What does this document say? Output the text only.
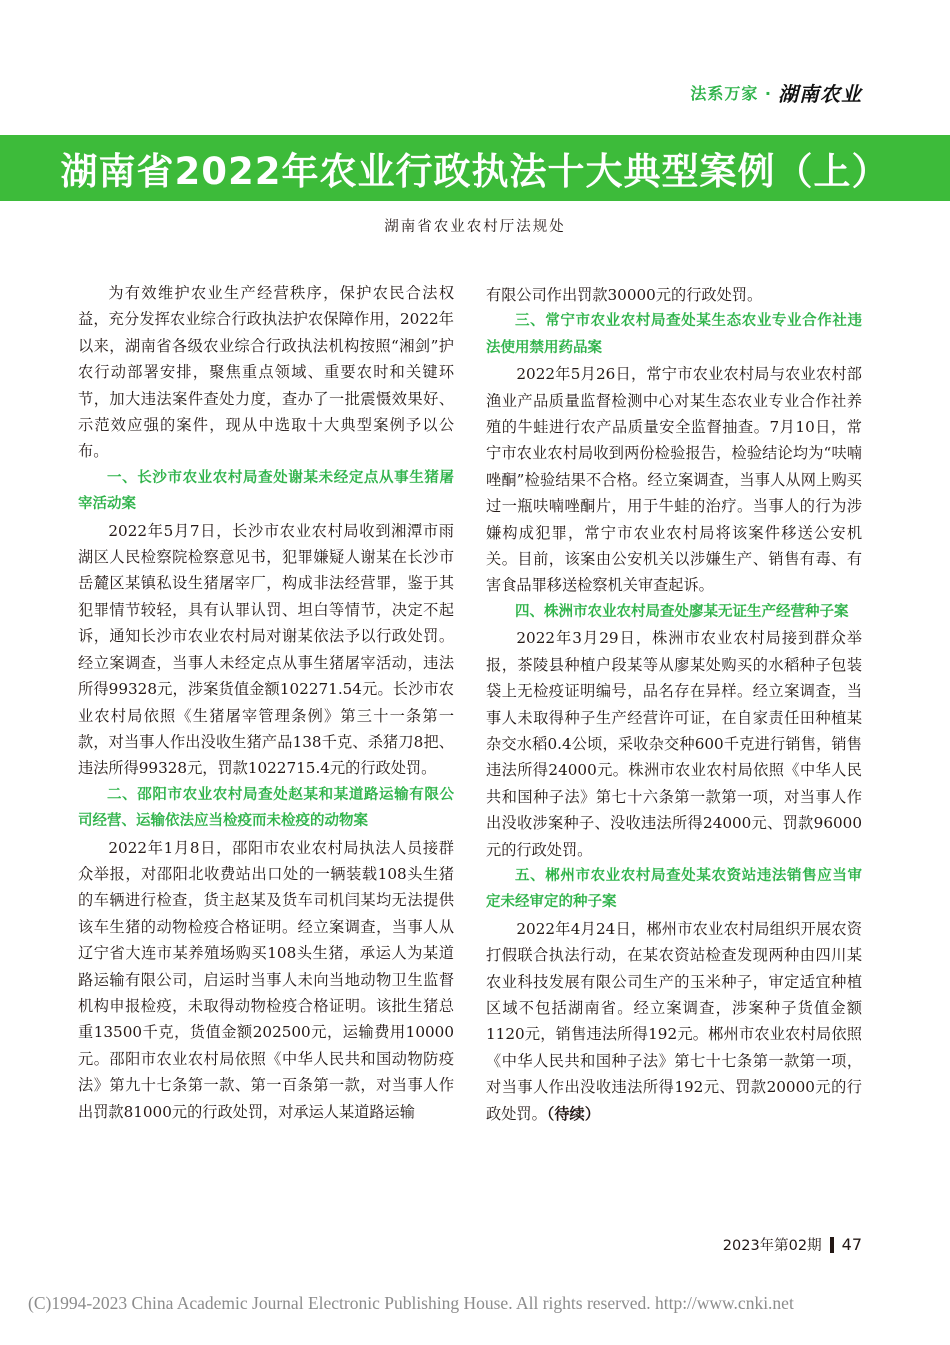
法系万家 · 湖南农业
湖南省2022年农业行政执法十大典型案例（上）
湖南省农业农村厅法规处

为有效维护农业生产经营秩序，保护农民合法权益，充分发挥农业综合行政执法护农保障作用，2022年以来，湖南省各级农业综合行政执法机构按照“湘剑”护农行动部署安排，聚焦重点领域、重要农时和关键环节，加大违法案件查处力度，查办了一批震慑效果好、示范效应强的案件，现从中选取十大典型案例予以公布。

一、长沙市农业农村局查处谢某未经定点从事生猪屠宰活动案

2022年5月7日，长沙市农业农村局收到湘潭市雨湖区人民检察院检察意见书，犯罪嫌疑人谢某在长沙市岳麓区某镇私设生猪屠宰厂，构成非法经营罪，鉴于其犯罪情节较轻，具有认罪认罚、坦白等情节，决定不起诉，通知长沙市农业农村局对谢某依法予以行政处罚。经立案调查，当事人未经定点从事生猪屠宰活动，违法所得99328元，涉案货值金额102271.54元。长沙市农业农村局依照《生猪屠宰管理条例》第三十一条第一款，对当事人作出没收生猪产品138千克、杀猪刀8把、违法所得99328元，罚款1022715.4元的行政处罚。

二、邵阳市农业农村局查处赵某和某道路运输有限公司经营、运输依法应当检疫而未检疫的动物案

2022年1月8日，邵阳市农业农村局执法人员接群众举报，对邵阳北收费站出口处的一辆装载108头生猪的车辆进行检查，货主赵某及货车司机闫某均无法提供该车生猪的动物检疫合格证明。经立案调查，当事人从辽宁省大连市某养殖场购买108头生猪，承运人为某道路运输有限公司，启运时当事人未向当地动物卫生监督机构申报检疫，未取得动物检疫合格证明。该批生猪总重13500千克，货值金额202500元，运输费用10000元。邵阳市农业农村局依照《中华人民共和国动物防疫法》第九十七条第一款、第一百条第一款，对当事人作出罚款81000元的行政处罚，对承运人某道路运输

有限公司作出罚款30000元的行政处罚。

三、常宁市农业农村局查处某生态农业专业合作社违法使用禁用药品案

2022年5月26日，常宁市农业农村局与农业农村部渔业产品质量监督检测中心对某生态农业专业合作社养殖的牛蛙进行农产品质量安全监督抽查。7月10日，常宁市农业农村局收到两份检验报告，检验结论均为“呋喃唑酮”检验结果不合格。经立案调查，当事人从网上购买过一瓶呋喃唑酮片，用于牛蛙的治疗。当事人的行为涉嫌构成犯罪，常宁市农业农村局将该案件移送公安机关。目前，该案由公安机关以涉嫌生产、销售有毒、有害食品罪移送检察机关审查起诉。

四、株洲市农业农村局查处廖某无证生产经营种子案

2022年3月29日，株洲市农业农村局接到群众举报，茶陵县种植户段某等从廖某处购买的水稻种子包装袋上无检疫证明编号，品名存在异样。经立案调查，当事人未取得种子生产经营许可证，在自家责任田种植某杂交水稻0.4公顷，采收杂交种600千克进行销售，销售违法所得24000元。株洲市农业农村局依照《中华人民共和国种子法》第七十六条第一款第一项，对当事人作出没收涉案种子、没收违法所得24000元、罚款96000元的行政处罚。

五、郴州市农业农村局查处某农资站违法销售应当审定未经审定的种子案

2022年4月24日，郴州市农业农村局组织开展农资打假联合执法行动，在某农资站检查发现两种由四川某农业科技发展有限公司生产的玉米种子，审定适宜种植区域不包括湖南省。经立案调查，涉案种子货值金额1120元，销售违法所得192元。郴州市农业农村局依照《中华人民共和国种子法》第七十七条第一款第一项，对当事人作出没收违法所得192元、罚款20000元的行政处罚。（待续）

2023年第02期 47
(C)1994-2023 China Academic Journal Electronic Publishing House. All rights reserved. http://www.cnki.net
